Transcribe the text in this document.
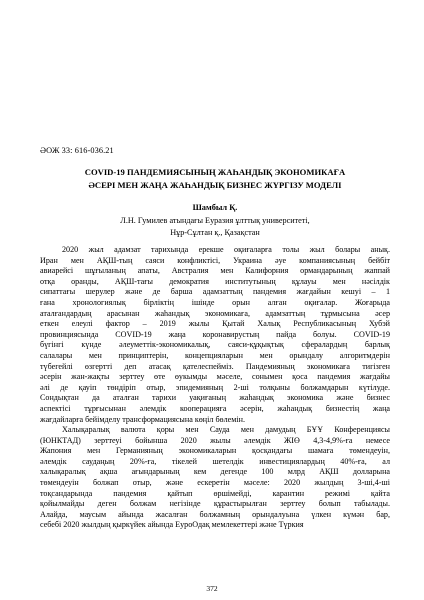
ӘОЖ 33: 616-036.21
COVID-19 ПАНДЕМИЯСЫНЫҢ ЖАҺАНДЫҚ ЭКОНОМИКАҒА
ӘСЕРІ МЕН ЖАҢА ЖАҺАНДЫҚ БИЗНЕС ЖҮРГІЗУ МОДЕЛІ
Шамбыл Қ.
Л.Н. Гумилев атындағы Еуразия ұлттық университеті,
Нұр-Сұлтан қ., Қазақстан
2020 жыл адамзат тарихында ерекше оқиғаларға толы жыл болары анық.
Иран мен АҚШ-тың саяси конфликтісі, Украина әуе компаниясының бейбіт
авиарейсі шұғыланың апаты, Австралия мен Калифорния ормандарының жаппай
отқа оранды, АҚШ-тағы демократия институтының құлауы мен нәсілдік
сипаттағы шерулер және де барша адамзаттың пандемия жағдайын кешуі – 1
ғана хронологиялық бірліктің ішінде орын алған оқиғалар. Жоғарыда
аталғандардың арасынан жаһандық экономикаға, адамзаттың тұрмысына әсер
еткен елеулі фактор – 2019 жылы Қытай Халық Республикасының Хубэй
провинциясында COVID-19 жаңа коронавирустың пайда болуы. COVID-19
бүгінгі күнде әлеуметтік-экономикалық, саяси-құқықтық сфералардың барлық
салалары мен принциптерін, концепцияларын мен орындалу алгоритмдерін
түбегейлі өзгертті деп атасақ қателеспейміз. Пандемияның экономикаға тигізген
әсерін жан-жақты зерттеу өте өукымды мәселе, сонымен қоса пандемия жағдайы
әлі де қауіп төндіріп отыр, эпидемияның 2-ші толқыны болжамдарын күтілуде.
Сондықтан да аталған тарихи уақиғаның жаһандық экономика және бизнес
аспектісі тұрғысынан әлемдік кооперацияға әсерін, жаһандық бизнестің жаңа
жағдайларға бейімделу трансформациясына көңіл бөлемін.
Халықаралық валюта қоры мен Сауда мен дамудың БҰҰ Конференциясы
(ЮНКТАД) зерттеуі бойынша 2020 жылы әлемдік ЖІӨ 4,3-4,9%-ға немесе
Жапония мен Германияның экономикаларын қосқандағы шамаға төмендеуін,
әлемдік саудаңың 20%-ға, тікелей шетелдік инвестициялардың 40%-ға, ал
халықаралық ақша ағындарының кем дегенде 100 млрд АҚШ долларына
төмендеуін болжап отыр, және ескеретін мәселе: 2020 жылдың 3-ші,4-ші
тоқсандарында пандемия қайтып өршімейді, карантин режимі қайта
қойылмайды деген болжам негізінде құрастырылған зерттеу болып табылады.
Алайда, маусым айында жасалған болжамның орындалуына үлкен күмән бар,
себебі 2020 жылдың қыркүйек айында ЕуроОдақ мемлекеттері және Түркия
372
